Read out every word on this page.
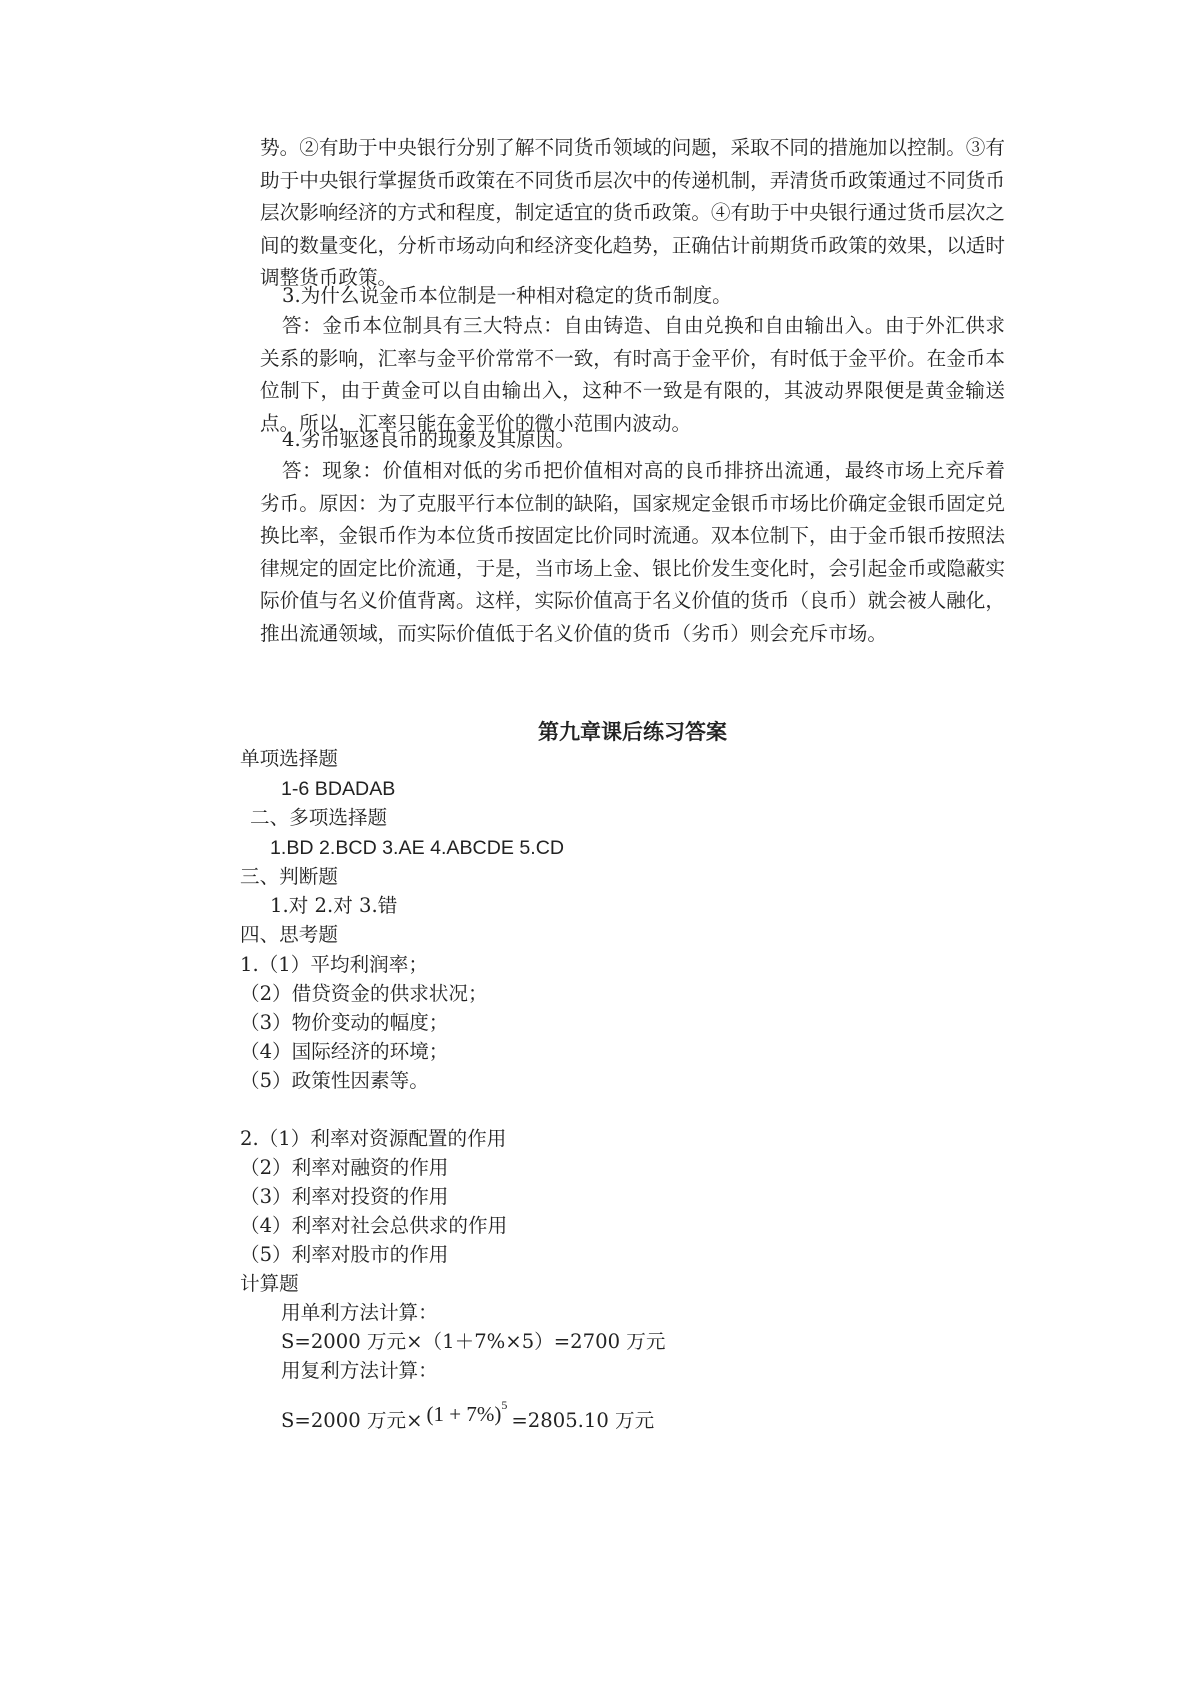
势。②有助于中央银行分别了解不同货币领域的问题，采取不同的措施加以控制。③有助于中央银行掌握货币政策在不同货币层次中的传递机制，弄清货币政策通过不同货币层次影响经济的方式和程度，制定适宜的货币政策。④有助于中央银行通过货币层次之间的数量变化，分析市场动向和经济变化趋势，正确估计前期货币政策的效果，以适时调整货币政策。

3.为什么说金币本位制是一种相对稳定的货币制度。

答：金币本位制具有三大特点：自由铸造、自由兑换和自由输出入。由于外汇供求关系的影响，汇率与金平价常常不一致，有时高于金平价，有时低于金平价。在金币本位制下，由于黄金可以自由输出入，这种不一致是有限的，其波动界限便是黄金输送点。所以，汇率只能在金平价的微小范围内波动。

4.劣币驱逐良币的现象及其原因。

答：现象：价值相对低的劣币把价值相对高的良币排挤出流通，最终市场上充斥着劣币。原因：为了克服平行本位制的缺陷，国家规定金银币市场比价确定金银币固定兑换比率，金银币作为本位货币按固定比价同时流通。双本位制下，由于金币银币按照法律规定的固定比价流通，于是，当市场上金、银比价发生变化时，会引起金币或隐蔽实际价值与名义价值背离。这样，实际价值高于名义价值的货币（良币）就会被人融化，推出流通领域，而实际价值低于名义价值的货币（劣币）则会充斥市场。

第九章课后练习答案

单项选择题

1-6 BDADAB

二、多项选择题

1.BD 2.BCD 3.AE 4.ABCDE 5.CD

三、判断题

1.对 2.对 3.错

四、思考题

1.（1）平均利润率；

（2）借贷资金的供求状况；

（3）物价变动的幅度；

（4）国际经济的环境；

（5）政策性因素等。

2.（1）利率对资源配置的作用

（2）利率对融资的作用

（3）利率对投资的作用

（4）利率对社会总供求的作用

（5）利率对股市的作用

计算题

用单利方法计算：

S=2000 万元×（1＋7%×5）=2700 万元

用复利方法计算：

S=2000 万元× $(1 + 7\%)^5=2805.10$ 万元
